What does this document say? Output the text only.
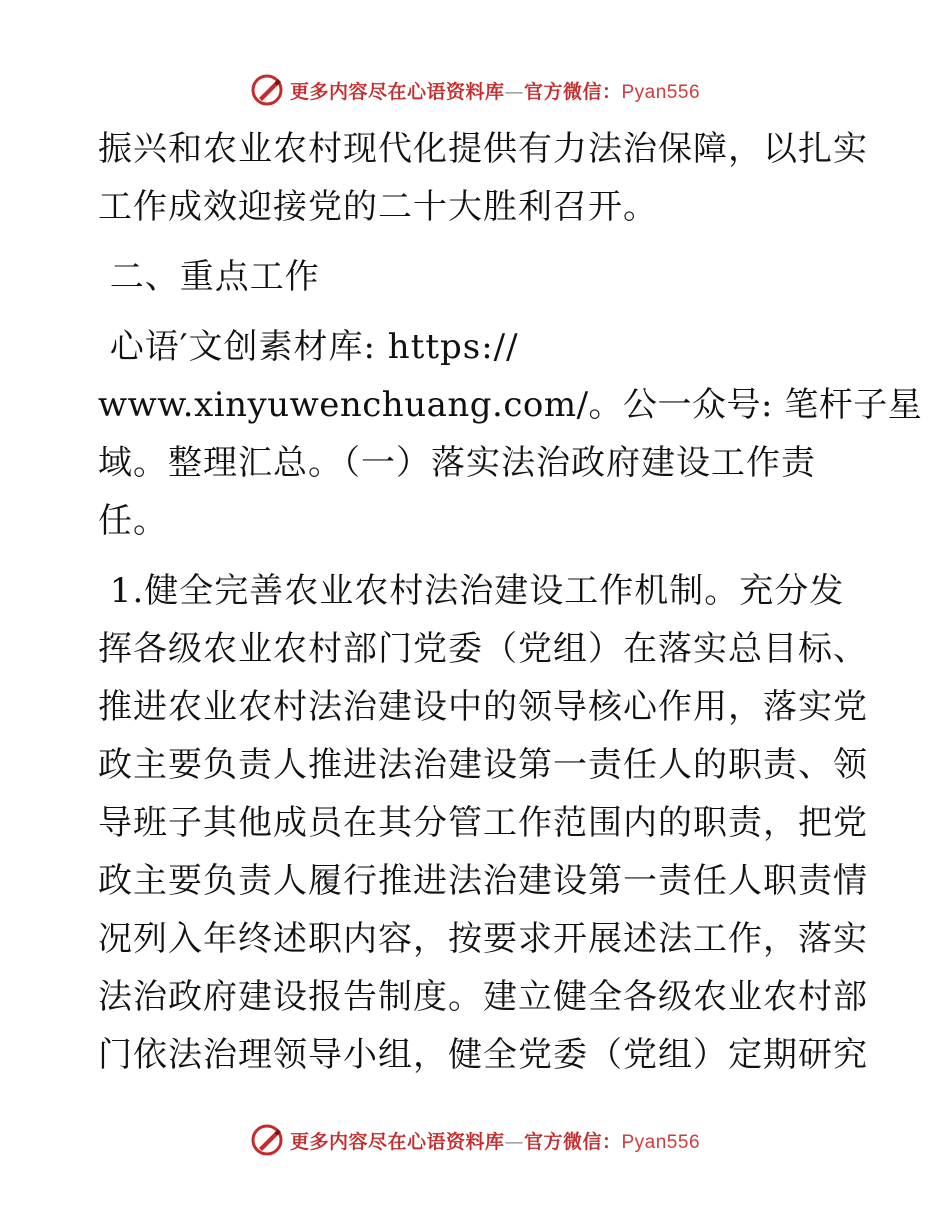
更多内容尽在心语资料库—官方微信：Pyan556
振兴和农业农村现代化提供有力法治保障，以扎实
工作成效迎接党的二十大胜利召开。
二、重点工作
心语′文创素材库: https://
www.xinyuwenchuang.com/。公一众号: 笔杆子星
域。整理汇总。（一）落实法治政府建设工作责
任。
1.健全完善农业农村法治建设工作机制。充分发
挥各级农业农村部门党委（党组）在落实总目标、
推进农业农村法治建设中的领导核心作用，落实党
政主要负责人推进法治建设第一责任人的职责、领
导班子其他成员在其分管工作范围内的职责，把党
政主要负责人履行推进法治建设第一责任人职责情
况列入年终述职内容，按要求开展述法工作，落实
法治政府建设报告制度。建立健全各级农业农村部
门依法治理领导小组，健全党委（党组）定期研究
更多内容尽在心语资料库—官方微信：Pyan556
